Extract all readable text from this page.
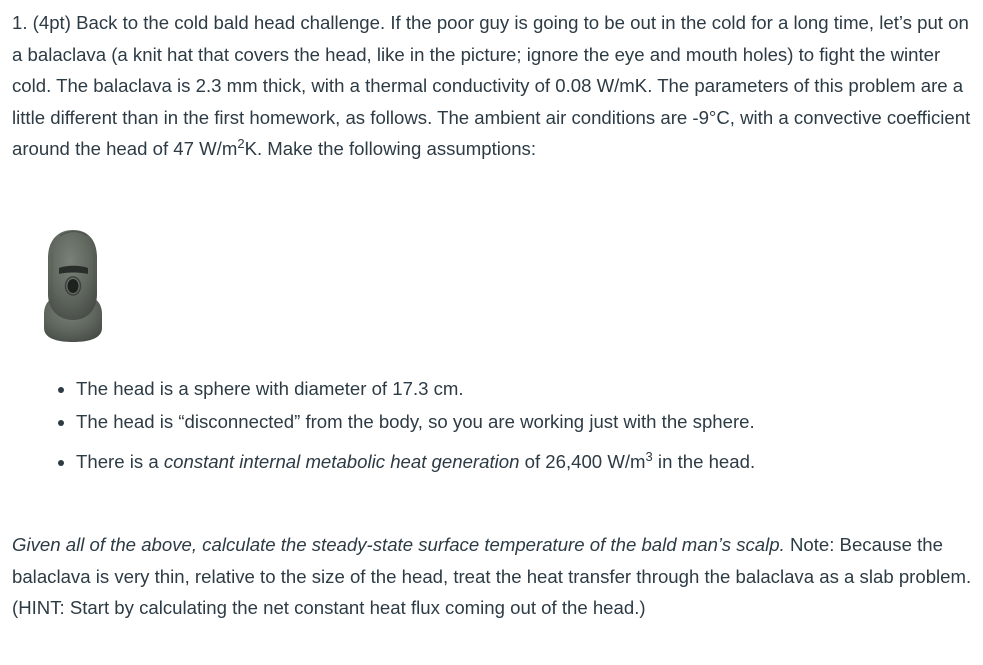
1. (4pt) Back to the cold bald head challenge. If the poor guy is going to be out in the cold for a long time, let’s put on a balaclava (a knit hat that covers the head, like in the picture; ignore the eye and mouth holes) to fight the winter cold. The balaclava is 2.3 mm thick, with a thermal conductivity of 0.08 W/mK. The parameters of this problem are a little different than in the first homework, as follows. The ambient air conditions are -9°C, with a convective coefficient around the head of 47 $W/m^2K$. Make the following assumptions:

• The head is a sphere with diameter of 17.3 cm.
• The head is “disconnected” from the body, so you are working just with the sphere.
• There is a constant internal metabolic heat generation of 26,400 $W/m^3$ in the head.

Given all of the above, calculate the steady-state surface temperature of the bald man’s scalp. Note: Because the balaclava is very thin, relative to the size of the head, treat the heat transfer through the balaclava as a slab problem. (HINT: Start by calculating the net constant heat flux coming out of the head.)
